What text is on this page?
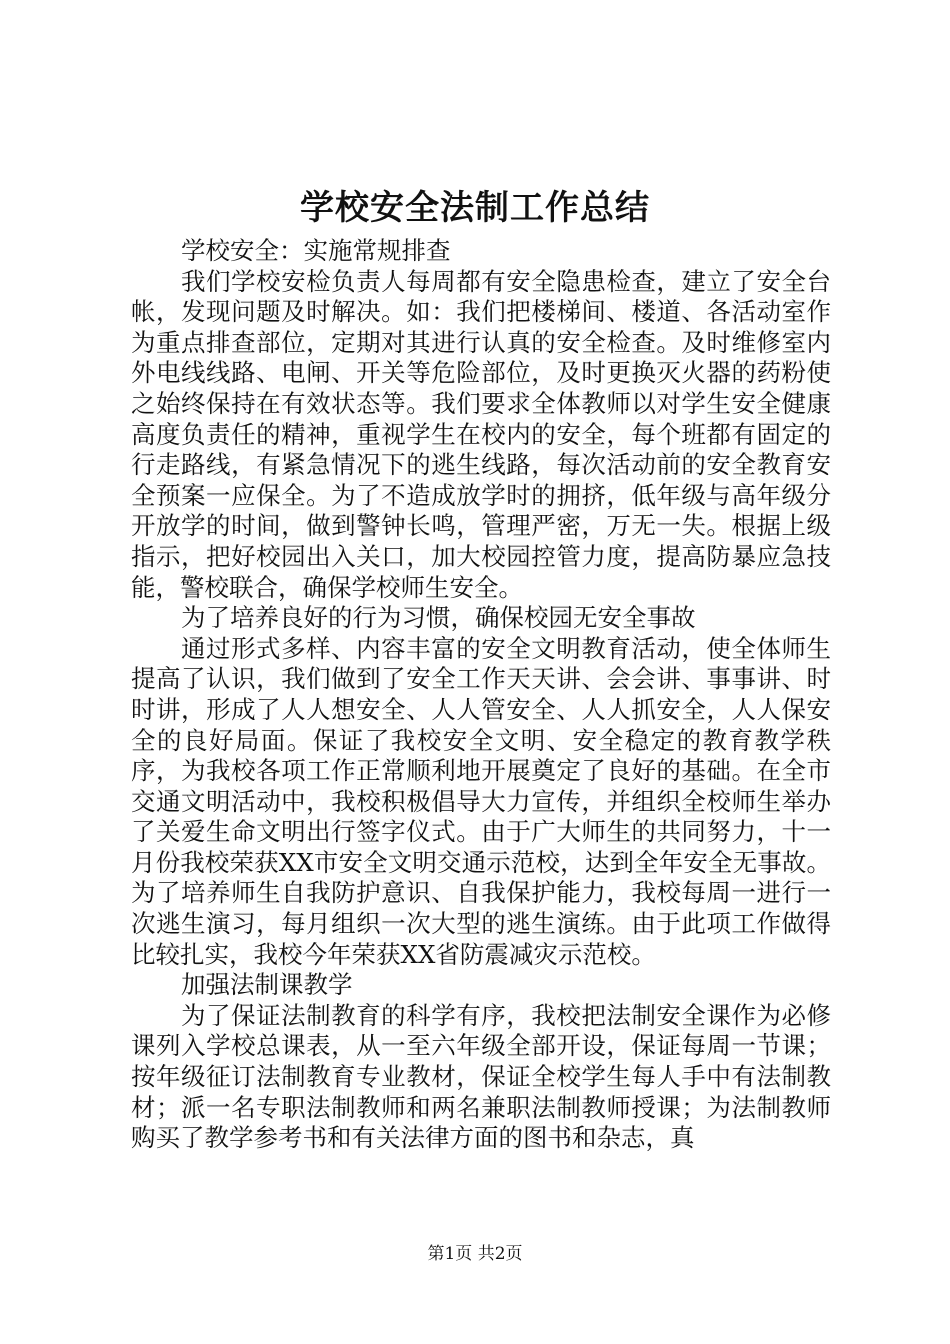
学校安全法制工作总结

学校安全：实施常规排查

我们学校安检负责人每周都有安全隐患检查，建立了安全台帐，发现问题及时解决。如：我们把楼梯间、楼道、各活动室作为重点排查部位，定期对其进行认真的安全检查。及时维修室内外电线线路、电闸、开关等危险部位，及时更换灭火器的药粉使之始终保持在有效状态等。我们要求全体教师以对学生安全健康高度负责任的精神，重视学生在校内的安全，每个班都有固定的行走路线，有紧急情况下的逃生线路，每次活动前的安全教育安全预案一应保全。为了不造成放学时的拥挤，低年级与高年级分开放学的时间，做到警钟长鸣，管理严密，万无一失。根据上级指示，把好校园出入关口，加大校园控管力度，提高防暴应急技能，警校联合，确保学校师生安全。

为了培养良好的行为习惯，确保校园无安全事故

通过形式多样、内容丰富的安全文明教育活动，使全体师生提高了认识，我们做到了安全工作天天讲、会会讲、事事讲、时时讲，形成了人人想安全、人人管安全、人人抓安全，人人保安全的良好局面。保证了我校安全文明、安全稳定的教育教学秩序，为我校各项工作正常顺利地开展奠定了良好的基础。在全市交通文明活动中，我校积极倡导大力宣传，并组织全校师生举办了关爱生命文明出行签字仪式。由于广大师生的共同努力，十一月份我校荣获XX市安全文明交通示范校，达到全年安全无事故。为了培养师生自我防护意识、自我保护能力，我校每周一进行一次逃生演习，每月组织一次大型的逃生演练。由于此项工作做得比较扎实，我校今年荣获XX省防震减灾示范校。

加强法制课教学

为了保证法制教育的科学有序，我校把法制安全课作为必修课列入学校总课表，从一至六年级全部开设，保证每周一节课；按年级征订法制教育专业教材，保证全校学生每人手中有法制教材；派一名专职法制教师和两名兼职法制教师授课；为法制教师购买了教学参考书和有关法律方面的图书和杂志，真

第1页 共2页
